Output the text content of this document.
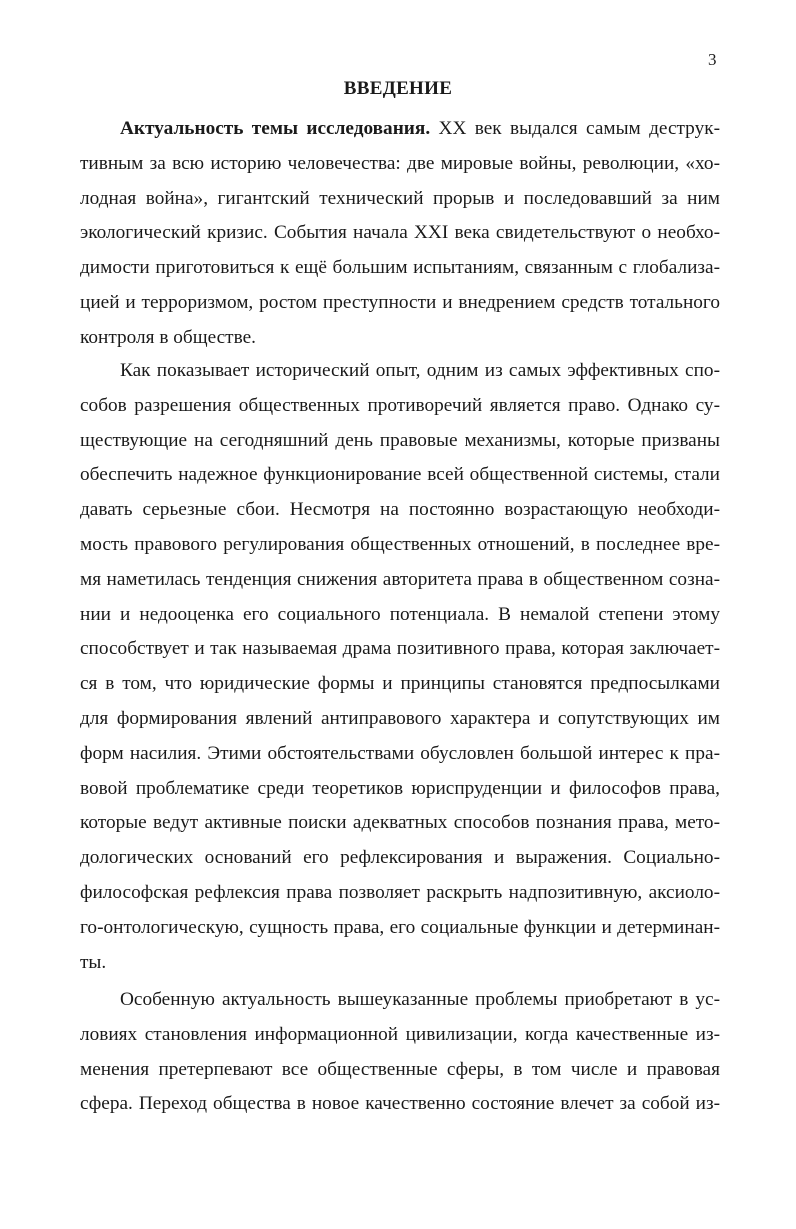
3
ВВЕДЕНИЕ
Актуальность темы исследования. XX век выдался самым деструк-
тивным за всю историю человечества: две мировые войны, революции, «хо-
лодная война», гигантский технический прорыв и последовавший за ним
экологический кризис. События начала XXI века свидетельствуют о необхо-
димости приготовиться к ещё большим испытаниям, связанным с глобализа-
цией и терроризмом, ростом преступности и внедрением средств тотального
контроля в обществе.
Как показывает исторический опыт, одним из самых эффективных спо-
собов разрешения общественных противоречий является право. Однако су-
ществующие на сегодняшний день правовые механизмы, которые призваны
обеспечить надежное функционирование всей общественной системы, стали
давать серьезные сбои. Несмотря на постоянно возрастающую необходи-
мость правового регулирования общественных отношений, в последнее вре-
мя наметилась тенденция снижения авторитета права в общественном созна-
нии и недооценка его социального потенциала. В немалой степени этому
способствует и так называемая драма позитивного права, которая заключает-
ся в том, что юридические формы и принципы становятся предпосылками
для формирования явлений антиправового характера и сопутствующих им
форм насилия. Этими обстоятельствами обусловлен большой интерес к пра-
вовой проблематике среди теоретиков юриспруденции и философов права,
которые ведут активные поиски адекватных способов познания права, мето-
дологических оснований его рефлексирования и выражения. Социально-
философская рефлексия права позволяет раскрыть надпозитивную, аксиоло-
го-онтологическую, сущность права, его социальные функции и детерминан-
ты.
Особенную актуальность вышеуказанные проблемы приобретают в ус-
ловиях становления информационной цивилизации, когда качественные из-
менения претерпевают все общественные сферы, в том числе и правовая
сфера. Переход общества в новое качественно состояние влечет за собой из-
